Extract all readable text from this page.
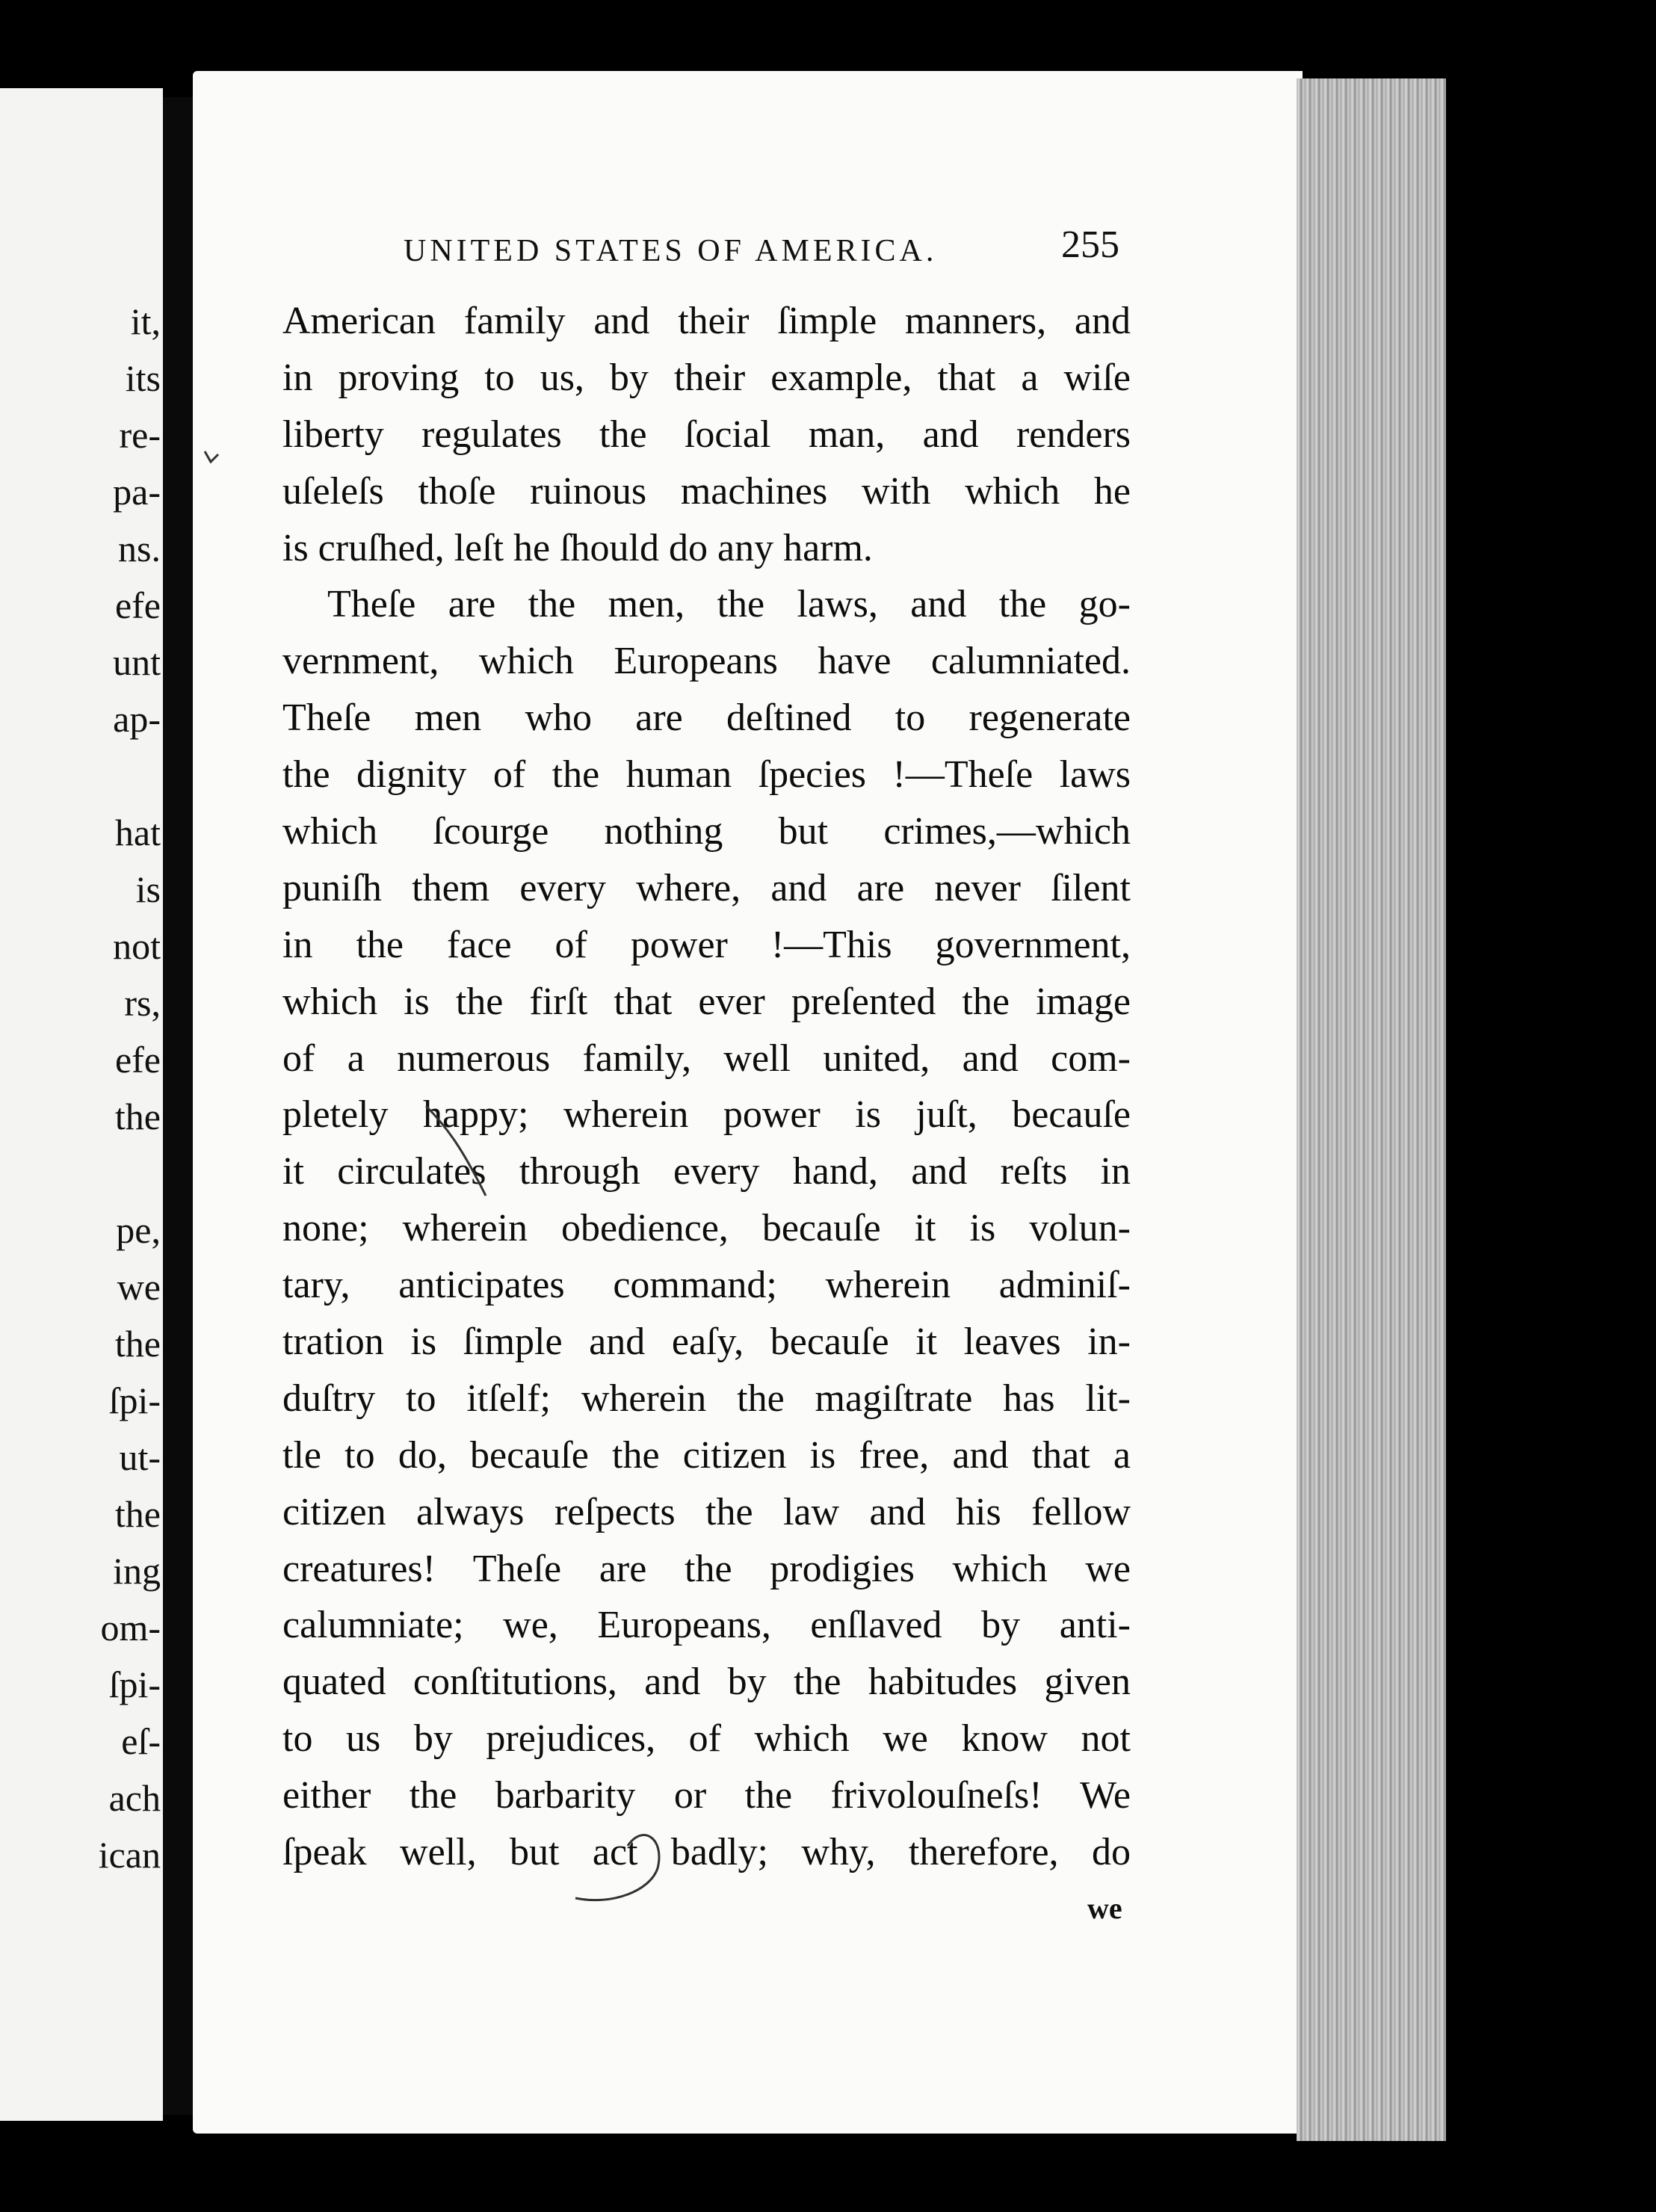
it,
its
re-
pa-
ns.
efe
unt
ap-
hat
is
not
rs,
efe
the
pe,
we
the
ſpi-
ut-
the
ing
om-
ſpi-
eſ-
ach
ican
UNITED STATES OF AMERICA.	255
American family and their ſimple manners, and
in proving to us, by their example, that a wiſe
liberty regulates the ſocial man, and renders
uſeleſs thoſe ruinous machines with which he
is cruſhed, leſt he ſhould do any harm.
Theſe are the men, the laws, and the go-
vernment, which Europeans have calumniated.
Theſe men who are deſtined to regenerate
the dignity of the human ſpecies !—Theſe laws
which ſcourge nothing but crimes,—which
puniſh them every where, and are never ſilent
in the face of power !—This government,
which is the firſt that ever preſented the image
of a numerous family, well united, and com-
pletely happy; wherein power is juſt, becauſe
it circulates through every hand, and reſts in
none; wherein obedience, becauſe it is volun-
tary, anticipates command; wherein adminiſ-
tration is ſimple and eaſy, becauſe it leaves in-
duſtry to itſelf; wherein the magiſtrate has lit-
tle to do, becauſe the citizen is free, and that a
citizen always reſpects the law and his fellow
creatures! Theſe are the prodigies which we
calumniate; we, Europeans, enſlaved by anti-
quated conſtitutions, and by the habitudes given
to us by prejudices, of which we know not
either the barbarity or the frivolouſneſs! We
ſpeak well, but act badly; why, therefore, do
we
